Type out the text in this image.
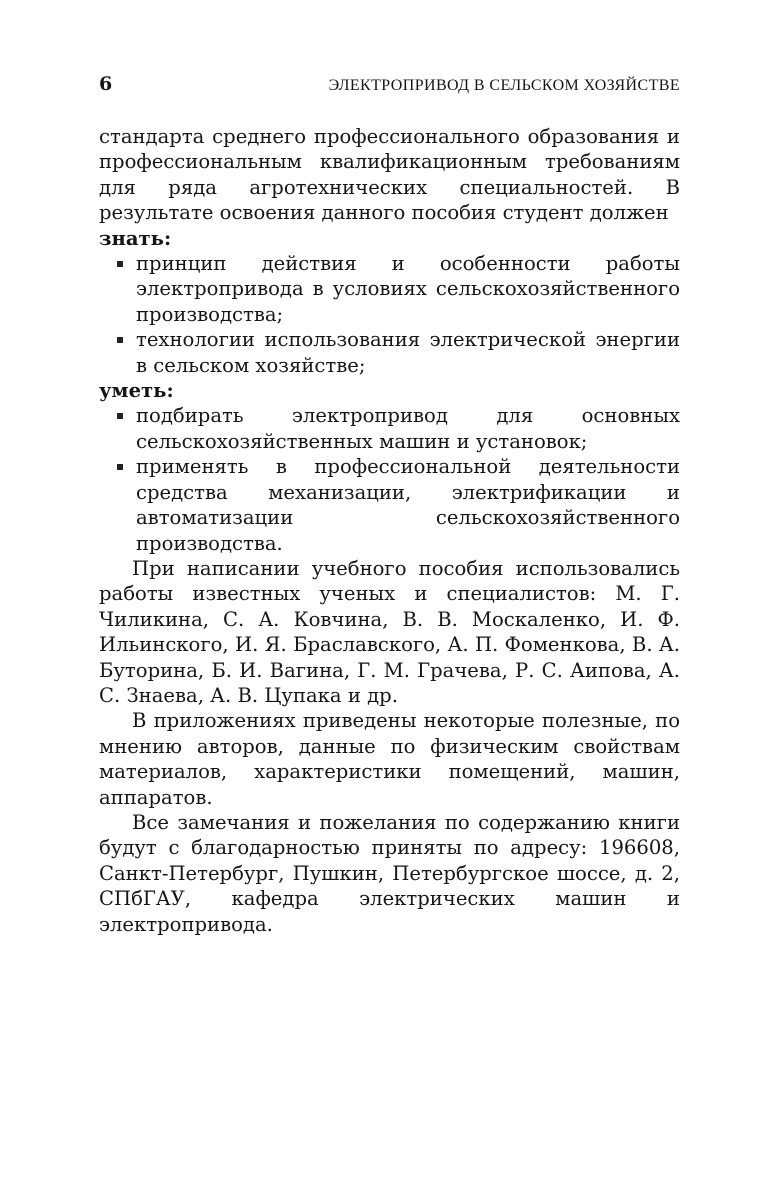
6	ЭЛЕКТРОПРИВОД В СЕЛЬСКОМ ХОЗЯЙСТВЕ

стандарта среднего профессионального образования и профессиональным квалификационным требованиям для ряда агротехнических специальностей. В результате освоения данного пособия студент должен

знать:

принцип действия и особенности работы электропривода в условиях сельскохозяйственного производства;
технологии использования электрической энергии в сельском хозяйстве;

уметь:

подбирать электропривод для основных сельскохозяйственных машин и установок;
применять в профессиональной деятельности средства механизации, электрификации и автоматизации сельскохозяйственного производства.

При написании учебного пособия использовались работы известных ученых и специалистов: М. Г. Чиликина, С. А. Ковчина, В. В. Москаленко, И. Ф. Ильинского, И. Я. Браславского, А. П. Фоменкова, В. А. Буторина, Б. И. Вагина, Г. М. Грачева, Р. С. Аипова, А. С. Знаева, А. В. Цупака и др.

В приложениях приведены некоторые полезные, по мнению авторов, данные по физическим свойствам материалов, характеристики помещений, машин, аппаратов.

Все замечания и пожелания по содержанию книги будут с благодарностью приняты по адресу: 196608, Санкт-Петербург, Пушкин, Петербургское шоссе, д. 2, СПбГАУ, кафедра электрических машин и электропривода.
